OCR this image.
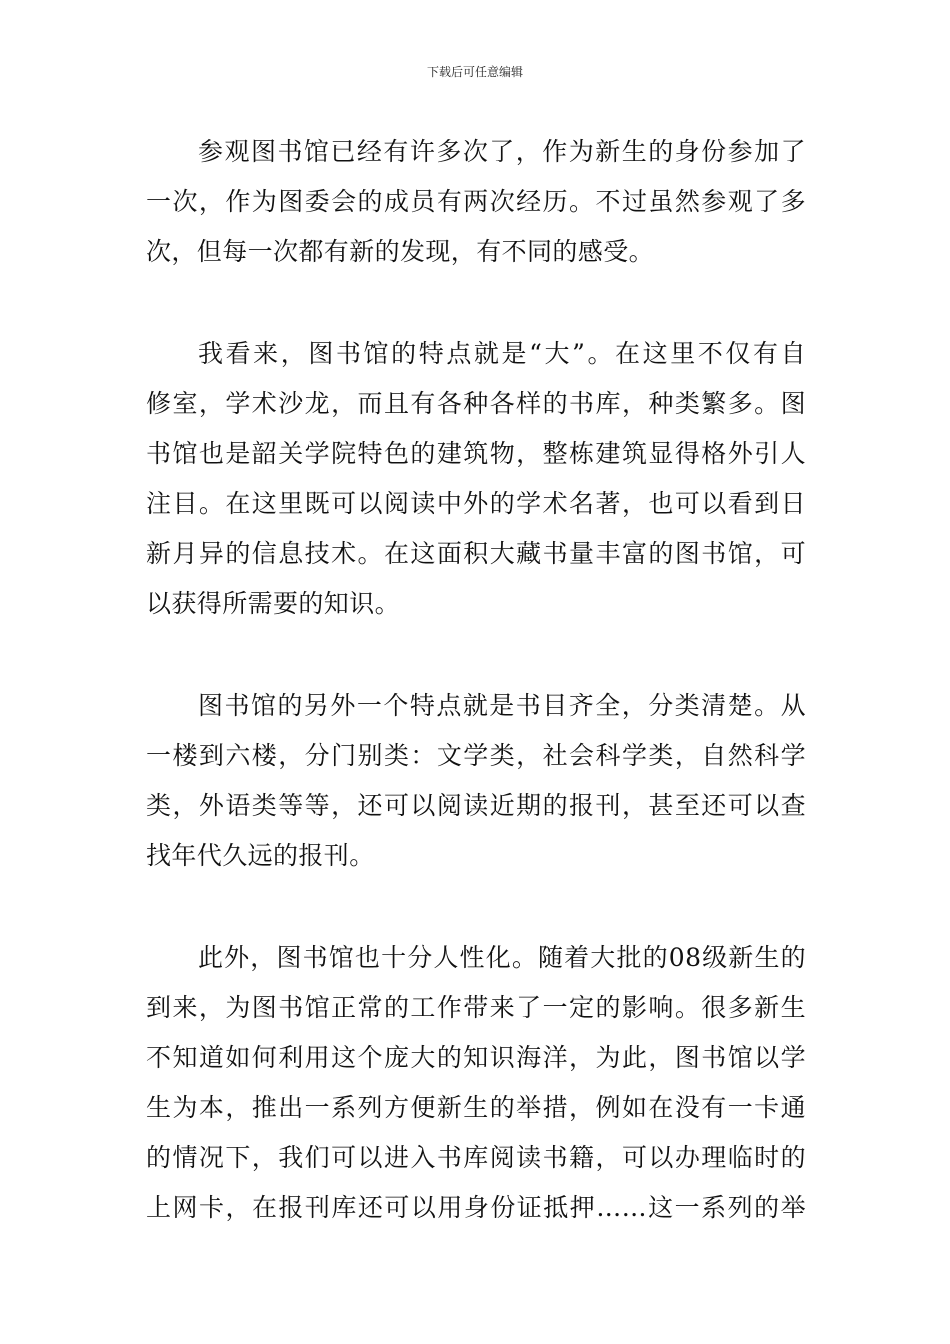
下载后可任意编辑
参观图书馆已经有许多次了，作为新生的身份参加了
一次，作为图委会的成员有两次经历。不过虽然参观了多
次，但每一次都有新的发现，有不同的感受。
我看来，图书馆的特点就是“大”。在这里不仅有自
修室，学术沙龙，而且有各种各样的书库，种类繁多。图
书馆也是韶关学院特色的建筑物，整栋建筑显得格外引人
注目。在这里既可以阅读中外的学术名著，也可以看到日
新月异的信息技术。在这面积大藏书量丰富的图书馆，可
以获得所需要的知识。
图书馆的另外一个特点就是书目齐全，分类清楚。从
一楼到六楼，分门别类：文学类，社会科学类，自然科学
类，外语类等等，还可以阅读近期的报刊，甚至还可以查
找年代久远的报刊。
此外，图书馆也十分人性化。随着大批的08级新生的
到来，为图书馆正常的工作带来了一定的影响。很多新生
不知道如何利用这个庞大的知识海洋，为此，图书馆以学
生为本，推出一系列方便新生的举措，例如在没有一卡通
的情况下，我们可以进入书库阅读书籍，可以办理临时的
上网卡，在报刊库还可以用身份证抵押……这一系列的举
